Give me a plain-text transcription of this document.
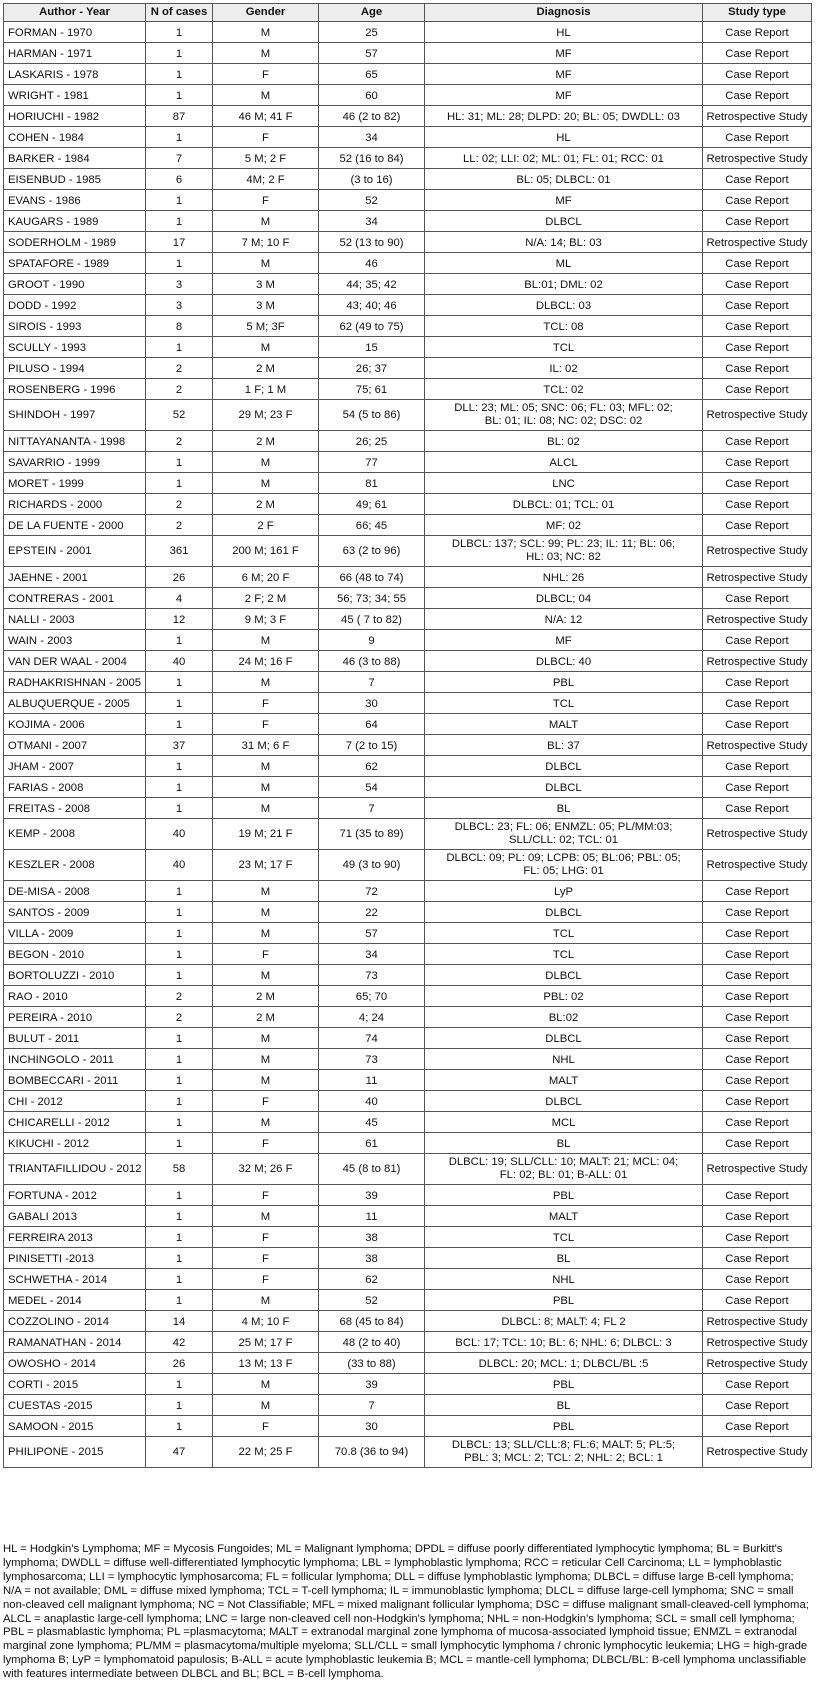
Author - Year	N of cases	Gender	Age	Diagnosis	Study type
FORMAN - 1970	1	M	25	HL	Case Report
HARMAN - 1971	1	M	57	MF	Case Report
LASKARIS - 1978	1	F	65	MF	Case Report
WRIGHT - 1981	1	M	60	MF	Case Report
HORIUCHI - 1982	87	46 M; 41 F	46 (2 to 82)	HL: 31; ML: 28; DLPD: 20; BL: 05; DWDLL: 03	Retrospective Study
COHEN - 1984	1	F	34	HL	Case Report
BARKER - 1984	7	5 M; 2 F	52 (16 to 84)	LL: 02; LLI: 02; ML: 01; FL: 01; RCC: 01	Retrospective Study
EISENBUD - 1985	6	4M; 2 F	(3 to 16)	BL: 05; DLBCL: 01	Case Report
EVANS - 1986	1	F	52	MF	Case Report
KAUGARS - 1989	1	M	34	DLBCL	Case Report
SODERHOLM - 1989	17	7 M; 10 F	52 (13 to 90)	N/A: 14; BL: 03	Retrospective Study
SPATAFORE - 1989	1	M	46	ML	Case Report
GROOT - 1990	3	3 M	44; 35; 42	BL:01; DML: 02	Case Report
DODD - 1992	3	3 M	43; 40; 46	DLBCL: 03	Case Report
SIROIS - 1993	8	5 M; 3F	62 (49 to 75)	TCL: 08	Case Report
SCULLY - 1993	1	M	15	TCL	Case Report
PILUSO - 1994	2	2 M	26; 37	IL: 02	Case Report
ROSENBERG - 1996	2	1 F; 1 M	75; 61	TCL: 02	Case Report
SHINDOH - 1997	52	29 M; 23 F	54 (5 to 86)	DLL: 23; ML: 05; SNC: 06; FL: 03; MFL: 02;
BL: 01; IL: 08; NC: 02; DSC: 02	Retrospective Study
NITTAYANANTA - 1998	2	2 M	26; 25	BL: 02	Case Report
SAVARRIO - 1999	1	M	77	ALCL	Case Report
MORET - 1999	1	M	81	LNC	Case Report
RICHARDS - 2000	2	2 M	49; 61	DLBCL: 01; TCL: 01	Case Report
DE LA FUENTE - 2000	2	2 F	66; 45	MF: 02	Case Report
EPSTEIN - 2001	361	200 M; 161 F	63 (2 to 96)	DLBCL: 137; SCL: 99; PL: 23; IL: 11; BL: 06;
HL: 03; NC: 82	Retrospective Study
JAEHNE - 2001	26	6 M; 20 F	66 (48 to 74)	NHL: 26	Retrospective Study
CONTRERAS - 2001	4	2 F; 2 M	56; 73; 34; 55	DLBCL; 04	Case Report
NALLI - 2003	12	9 M; 3 F	45 ( 7 to 82)	N/A: 12	Retrospective Study
WAIN - 2003	1	M	9	MF	Case Report
VAN DER WAAL - 2004	40	24 M; 16 F	46 (3 to 88)	DLBCL: 40	Retrospective Study
RADHAKRISHNAN - 2005	1	M	7	PBL	Case Report
ALBUQUERQUE - 2005	1	F	30	TCL	Case Report
KOJIMA - 2006	1	F	64	MALT	Case Report
OTMANI - 2007	37	31 M; 6 F	7 (2 to 15)	BL: 37	Retrospective Study
JHAM - 2007	1	M	62	DLBCL	Case Report
FARIAS - 2008	1	M	54	DLBCL	Case Report
FREITAS - 2008	1	M	7	BL	Case Report
KEMP - 2008	40	19 M; 21 F	71 (35 to 89)	DLBCL: 23; FL: 06; ENMZL: 05; PL/MM:03;
SLL/CLL: 02; TCL: 01	Retrospective Study
KESZLER - 2008	40	23 M; 17 F	49 (3 to 90)	DLBCL: 09; PL: 09; LCPB: 05; BL:06; PBL: 05;
FL: 05; LHG: 01	Retrospective Study
DE-MISA - 2008	1	M	72	LyP	Case Report
SANTOS - 2009	1	M	22	DLBCL	Case Report
VILLA - 2009	1	M	57	TCL	Case Report
BEGON - 2010	1	F	34	TCL	Case Report
BORTOLUZZI - 2010	1	M	73	DLBCL	Case Report
RAO - 2010	2	2 M	65; 70	PBL: 02	Case Report
PEREIRA - 2010	2	2 M	4; 24	BL:02	Case Report
BULUT - 2011	1	M	74	DLBCL	Case Report
INCHINGOLO - 2011	1	M	73	NHL	Case Report
BOMBECCARI - 2011	1	M	11	MALT	Case Report
CHI - 2012	1	F	40	DLBCL	Case Report
CHICARELLI - 2012	1	M	45	MCL	Case Report
KIKUCHI - 2012	1	F	61	BL	Case Report
TRIANTAFILLIDOU - 2012	58	32 M; 26 F	45 (8 to 81)	DLBCL: 19; SLL/CLL: 10; MALT: 21; MCL: 04;
FL: 02; BL: 01; B-ALL: 01	Retrospective Study
FORTUNA - 2012	1	F	39	PBL	Case Report
GABALI 2013	1	M	11	MALT	Case Report
FERREIRA 2013	1	F	38	TCL	Case Report
PINISETTI -2013	1	F	38	BL	Case Report
SCHWETHA - 2014	1	F	62	NHL	Case Report
MEDEL - 2014	1	M	52	PBL	Case Report
COZZOLINO - 2014	14	4 M; 10 F	68 (45 to 84)	DLBCL: 8; MALT: 4; FL 2	Retrospective Study
RAMANATHAN - 2014	42	25 M; 17 F	48 (2 to 40)	BCL: 17; TCL: 10; BL: 6; NHL: 6; DLBCL: 3	Retrospective Study
OWOSHO - 2014	26	13 M; 13 F	(33 to 88)	DLBCL: 20; MCL: 1; DLBCL/BL :5	Retrospective Study
CORTI - 2015	1	M	39	PBL	Case Report
CUESTAS -2015	1	M	7	BL	Case Report
SAMOON - 2015	1	F	30	PBL	Case Report
PHILIPONE - 2015	47	22 M; 25 F	70.8 (36 to 94)	DLBCL: 13; SLL/CLL:8; FL:6; MALT: 5; PL:5;
PBL: 3; MCL: 2; TCL: 2; NHL: 2; BCL: 1	Retrospective Study

HL = Hodgkin's Lymphoma; MF = Mycosis Fungoides; ML = Malignant lymphoma; DPDL = diffuse poorly differentiated lymphocytic lymphoma; BL = Burkitt's lymphoma; DWDLL = diffuse well-differentiated lymphocytic lymphoma; LBL = lymphoblastic lymphoma; RCC = reticular Cell Carcinoma; LL = lymphoblastic lymphosarcoma; LLI = lymphocytic lymphosarcoma; FL = follicular lymphoma; DLL = diffuse lymphoblastic lymphoma; DLBCL = diffuse large B-cell lymphoma; N/A = not available; DML = diffuse mixed lymphoma; TCL = T-cell lymphoma; IL = immunoblastic lymphoma; DLCL = diffuse large-cell lymphoma; SNC = small non-cleaved cell malignant lymphoma; NC = Not Classifiable; MFL = mixed malignant follicular lymphoma; DSC = diffuse malignant small-cleaved-cell lymphoma; ALCL = anaplastic large-cell lymphoma; LNC = large non-cleaved cell non-Hodgkin's lymphoma; NHL = non-Hodgkin's lymphoma; SCL = small cell lymphoma; PBL = plasmablastic lymphoma; PL =plasmacytoma; MALT = extranodal marginal zone lymphoma of mucosa-associated lymphoid tissue; ENMZL = extranodal marginal zone lymphoma; PL/MM = plasmacytoma/multiple myeloma; SLL/CLL = small lymphocytic lymphoma / chronic lymphocytic leukemia; LHG = high-grade lymphoma B; LyP = lymphomatoid papulosis; B-ALL = acute lymphoblastic leukemia B; MCL = mantle-cell lymphoma; DLBCL/BL: B-cell lymphoma unclassifiable with features intermediate between DLBCL and BL; BCL = B-cell lymphoma.
